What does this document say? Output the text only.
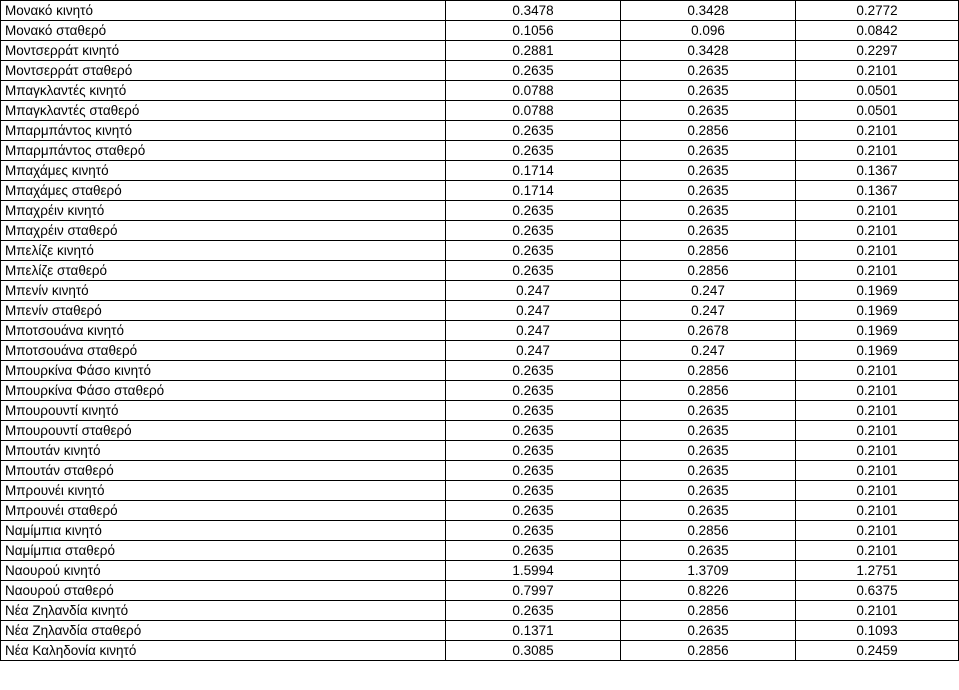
Μονακό κινητό	0.3478	0.3428	0.2772
Μονακό σταθερό	0.1056	0.096	0.0842
Μοντσερράτ κινητό	0.2881	0.3428	0.2297
Μοντσερράτ σταθερό	0.2635	0.2635	0.2101
Μπαγκλαντές κινητό	0.0788	0.2635	0.0501
Μπαγκλαντές σταθερό	0.0788	0.2635	0.0501
Μπαρμπάντος κινητό	0.2635	0.2856	0.2101
Μπαρμπάντος σταθερό	0.2635	0.2635	0.2101
Μπαχάμες κινητό	0.1714	0.2635	0.1367
Μπαχάμες σταθερό	0.1714	0.2635	0.1367
Μπαχρέιν κινητό	0.2635	0.2635	0.2101
Μπαχρέιν σταθερό	0.2635	0.2635	0.2101
Μπελίζε κινητό	0.2635	0.2856	0.2101
Μπελίζε σταθερό	0.2635	0.2856	0.2101
Μπενίν κινητό	0.247	0.247	0.1969
Μπενίν σταθερό	0.247	0.247	0.1969
Μποτσουάνα κινητό	0.247	0.2678	0.1969
Μποτσουάνα σταθερό	0.247	0.247	0.1969
Μπουρκίνα Φάσο κινητό	0.2635	0.2856	0.2101
Μπουρκίνα Φάσο σταθερό	0.2635	0.2856	0.2101
Μπουρουντί κινητό	0.2635	0.2635	0.2101
Μπουρουντί σταθερό	0.2635	0.2635	0.2101
Μπουτάν κινητό	0.2635	0.2635	0.2101
Μπουτάν σταθερό	0.2635	0.2635	0.2101
Μπρουνέι κινητό	0.2635	0.2635	0.2101
Μπρουνέι σταθερό	0.2635	0.2635	0.2101
Ναμίμπια κινητό	0.2635	0.2856	0.2101
Ναμίμπια σταθερό	0.2635	0.2635	0.2101
Ναουρού κινητό	1.5994	1.3709	1.2751
Ναουρού σταθερό	0.7997	0.8226	0.6375
Νέα Ζηλανδία κινητό	0.2635	0.2856	0.2101
Νέα Ζηλανδία σταθερό	0.1371	0.2635	0.1093
Νέα Καληδονία κινητό	0.3085	0.2856	0.2459
